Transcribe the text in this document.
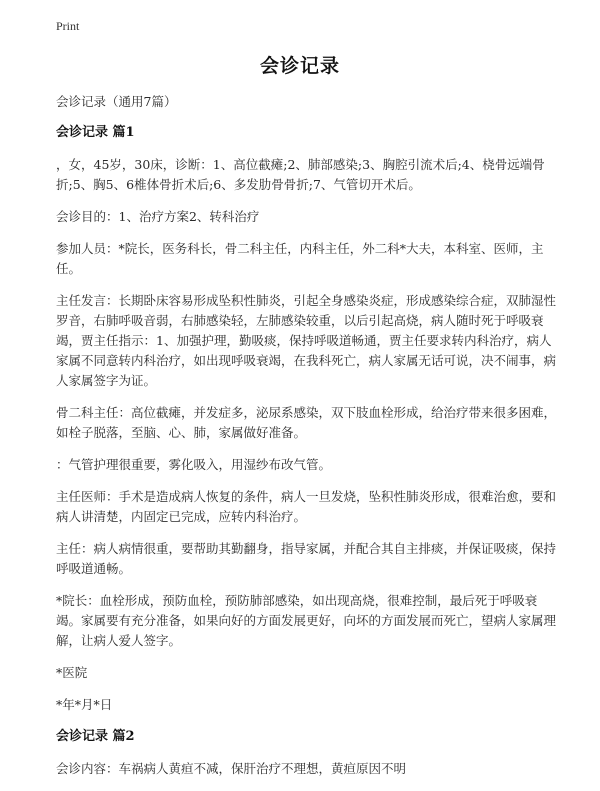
Print
会诊记录

会诊记录（通用7篇）

会诊记录 篇1

，女，45岁，30床，诊断：1、高位截瘫;2、肺部感染;3、胸腔引流术后;4、桡骨远端骨折;5、胸5、6椎体骨折术后;6、多发肋骨骨折;7、气管切开术后。

会诊目的：1、治疗方案2、转科治疗

参加人员：*院长，医务科长，骨二科主任，内科主任，外二科*大夫，本科室、医师，主任。

主任发言：长期卧床容易形成坠积性肺炎，引起全身感染炎症，形成感染综合症，双肺湿性罗音，右肺呼吸音弱，右肺感染轻，左肺感染较重，以后引起高烧，病人随时死于呼吸衰竭，贾主任指示：1、加强护理，勤吸痰，保持呼吸道畅通，贾主任要求转内科治疗，病人家属不同意转内科治疗，如出现呼吸衰竭，在我科死亡，病人家属无话可说，决不闹事，病人家属签字为证。

骨二科主任：高位截瘫，并发症多，泌尿系感染，双下肢血栓形成，给治疗带来很多困难，如栓子脱落，至脑、心、肺，家属做好准备。

：气管护理很重要，雾化吸入，用湿纱布改气管。

主任医师：手术是造成病人恢复的条件，病人一旦发烧，坠积性肺炎形成，很难治愈，要和病人讲清楚，内固定已完成，应转内科治疗。

主任：病人病情很重，要帮助其勤翻身，指导家属，并配合其自主排痰，并保证吸痰，保持呼吸道通畅。

*院长：血栓形成，预防血栓，预防肺部感染，如出现高烧，很难控制，最后死于呼吸衰竭。家属要有充分准备，如果向好的方面发展更好，向坏的方面发展而死亡，望病人家属理解，让病人爱人签字。

*医院

*年*月*日

会诊记录 篇2

会诊内容：车祸病人黄疸不减，保肝治疗不理想，黄疸原因不明
